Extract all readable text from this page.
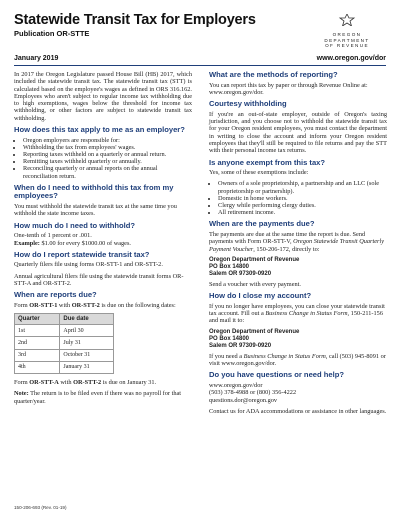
Statewide Transit Tax for Employers
Publication OR-STTE	OREGON
DEPARTMENT
OF REVENUE
January 2019	www.oregon.gov/dor

In 2017 the Oregon Legislature passed House Bill (HB) 2017, which included the statewide transit tax. The statewide transit tax (STT) is calculated based on the employee's wages as defined in ORS 316.162. Employees who aren't subject to regular income tax withholding due to high exemptions, wages below the threshold for income tax withholding, or other factors are subject to statewide transit tax withholding.

How does this tax apply to me as an employer?
• Oregon employers are responsible for:
• Withholding the tax from employees' wages.
• Reporting taxes withheld on a quarterly or annual return.
• Remitting taxes withheld quarterly or annually.
• Reconciling quarterly or annual reports on the annual reconciliation return.
When do I need to withhold this tax from my employees?

You must withhold the statewide transit tax at the same time you withhold the state income taxes.

How much do I need to withhold?

One-tenth of 1 percent or .001.
Example: $1.00 for every $1000.00 of wages.

How do I report statewide transit tax?

Quarterly filers file using forms OR-STT-1 and OR-STT-2.

Annual agricultural filers file using the statewide transit forms OR-STT-A and OR-STT-2.

When are reports due?

Form OR-STT-1 with OR-STT-2 is due on the following dates:

Quarter	Due date
1st	April 30
2nd	July 31
3rd	October 31
4th	January 31

Form OR-STT-A with OR-STT-2 is due on January 31.

Note: The return is to be filed even if there was no payroll for that quarter/year.

What are the methods of reporting?

You can report this tax by paper or through Revenue Online at: www.oregon.gov/dor.

Courtesy withholding

If you're an out-of-state employer, outside of Oregon's taxing jurisdiction, and you choose not to withhold the statewide transit tax for your Oregon resident employees, you must contact the department in writing to close the account and inform your Oregon resident employees that they'll still be required to file returns and pay the STT with their personal income tax returns.

Is anyone exempt from this tax?

Yes, some of these exemptions include:

• Owners of a sole proprietorship, a partnership and an LLC (sole proprietorship or partnership).
• Domestic in home workers.
• Clergy while performing clergy duties.
• All retirement income.
When are the payments due?

The payments are due at the same time the report is due. Send payments with Form OR-STT-V, Oregon Statewide Transit Quarterly Payment Voucher, 150-206-172, directly to:

Oregon Department of Revenue
PO Box 14800
Salem OR 97309-0920

Send a voucher with every payment.

How do I close my account?

If you no longer have employees, you can close your statewide transit tax account. Fill out a Business Change in Status Form, 150-211-156 and mail it to:

Oregon Department of Revenue
PO Box 14800
Salem OR 97309-0920

If you need a Business Change in Status Form, call (503) 945-8091 or visit www.oregon.gov/dor.

Do you have questions or need help?

www.oregon.gov/dor
(503) 378-4988 or (800) 356-4222
questions.dor@oregon.gov

Contact us for ADA accommodations or assistance in other languages.

150-206-693 (Rev. 01-19)
